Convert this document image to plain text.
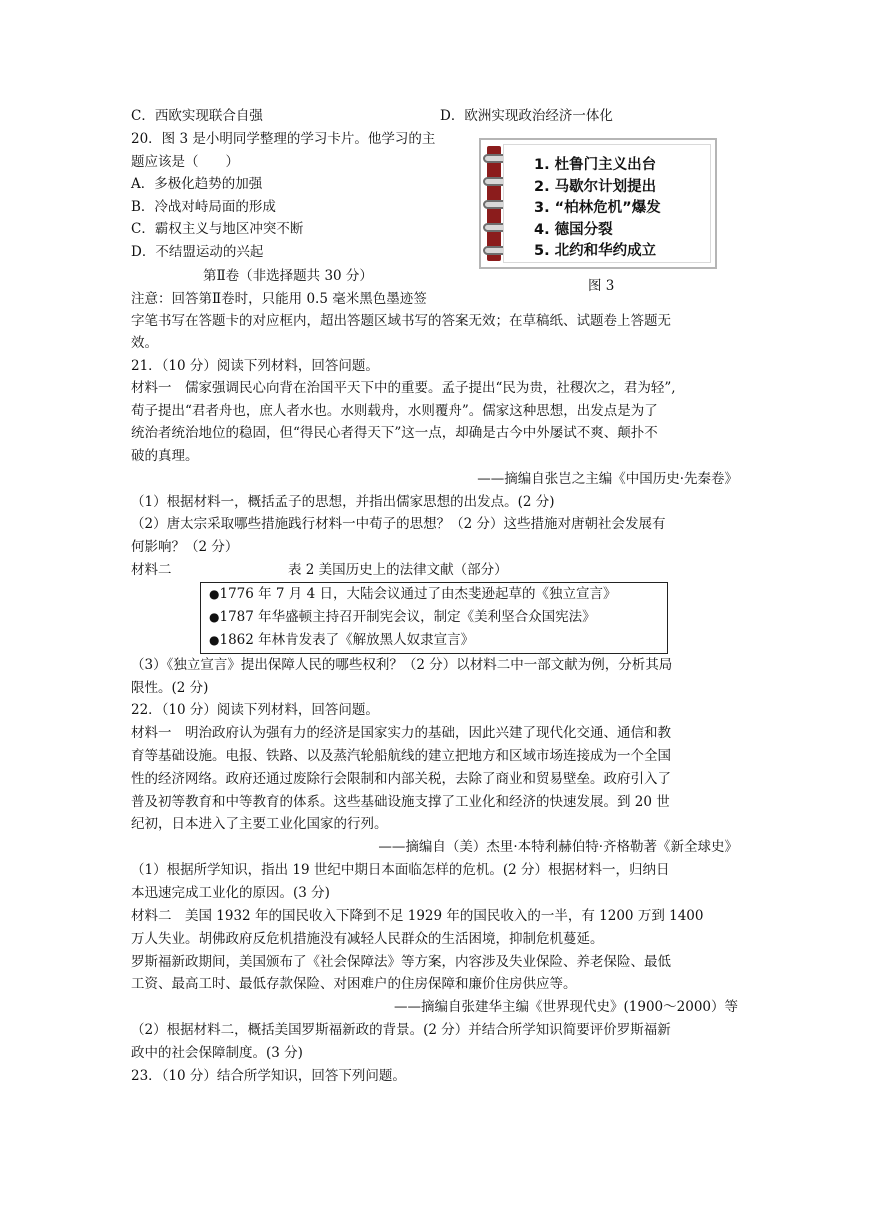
C．西欧实现联合自强	D．欧洲实现政治经济一体化
20．图 3 是小明同学整理的学习卡片。他学习的主
题应该是（　　）
A．多极化趋势的加强
B．冷战对峙局面的形成
C．霸权主义与地区冲突不断
D．不结盟运动的兴起
1. 杜鲁门主义出台
2. 马歇尔计划提出
3. “柏林危机”爆发
4. 德国分裂
5. 北约和华约成立
图 3
第Ⅱ卷（非选择题共 30 分）
注意：回答第Ⅱ卷时，只能用 0.5 毫米黑色墨迹签
字笔书写在答题卡的对应框内，超出答题区域书写的答案无效；在草稿纸、试题卷上答题无
效。
21．（10 分）阅读下列材料，回答问题。
材料一　儒家强调民心向背在治国平天下中的重要。孟子提出“民为贵，社稷次之，君为轻”,
荀子提出“君者舟也，庶人者水也。水则载舟，水则覆舟”。儒家这种思想，出发点是为了
统治者统治地位的稳固，但“得民心者得天下”这一点，却确是古今中外屡试不爽、颠扑不
破的真理。
——摘编自张岂之主编《中国历史·先秦卷》
（1）根据材料一，概括孟子的思想，并指出儒家思想的出发点。(2 分)
（2）唐太宗采取哪些措施践行材料一中荀子的思想？（2 分）这些措施对唐朝社会发展有
何影响？（2 分）
材料二	表 2 美国历史上的法律文献（部分）
●1776 年 7 月 4 日，大陆会议通过了由杰斐逊起草的《独立宣言》
●1787 年华盛顿主持召开制宪会议，制定《美利坚合众国宪法》
●1862 年林肯发表了《解放黑人奴隶宣言》
（3）《独立宣言》提出保障人民的哪些权利？（2 分）以材料二中一部文献为例，分析其局
限性。(2 分)
22．（10 分）阅读下列材料，回答问题。
材料一　明治政府认为强有力的经济是国家实力的基础，因此兴建了现代化交通、通信和教
育等基础设施。电报、铁路、以及蒸汽轮船航线的建立把地方和区域市场连接成为一个全国
性的经济网络。政府还通过废除行会限制和内部关税，去除了商业和贸易壁垒。政府引入了
普及初等教育和中等教育的体系。这些基础设施支撑了工业化和经济的快速发展。到 20 世
纪初，日本进入了主要工业化国家的行列。
——摘编自（美）杰里·本特利赫伯特·齐格勒著《新全球史》
（1）根据所学知识，指出 19 世纪中期日本面临怎样的危机。(2 分）根据材料一，归纳日
本迅速完成工业化的原因。(3 分)
材料二　美国 1932 年的国民收入下降到不足 1929 年的国民收入的一半，有 1200 万到 1400
万人失业。胡佛政府反危机措施没有减轻人民群众的生活困境，抑制危机蔓延。
罗斯福新政期间，美国颁布了《社会保障法》等方案，内容涉及失业保险、养老保险、最低
工资、最高工时、最低存款保险、对困难户的住房保障和廉价住房供应等。
——摘编自张建华主编《世界现代史》(1900～2000）等
（2）根据材料二，概括美国罗斯福新政的背景。(2 分）并结合所学知识简要评价罗斯福新
政中的社会保障制度。(3 分)
23．（10 分）结合所学知识，回答下列问题。
